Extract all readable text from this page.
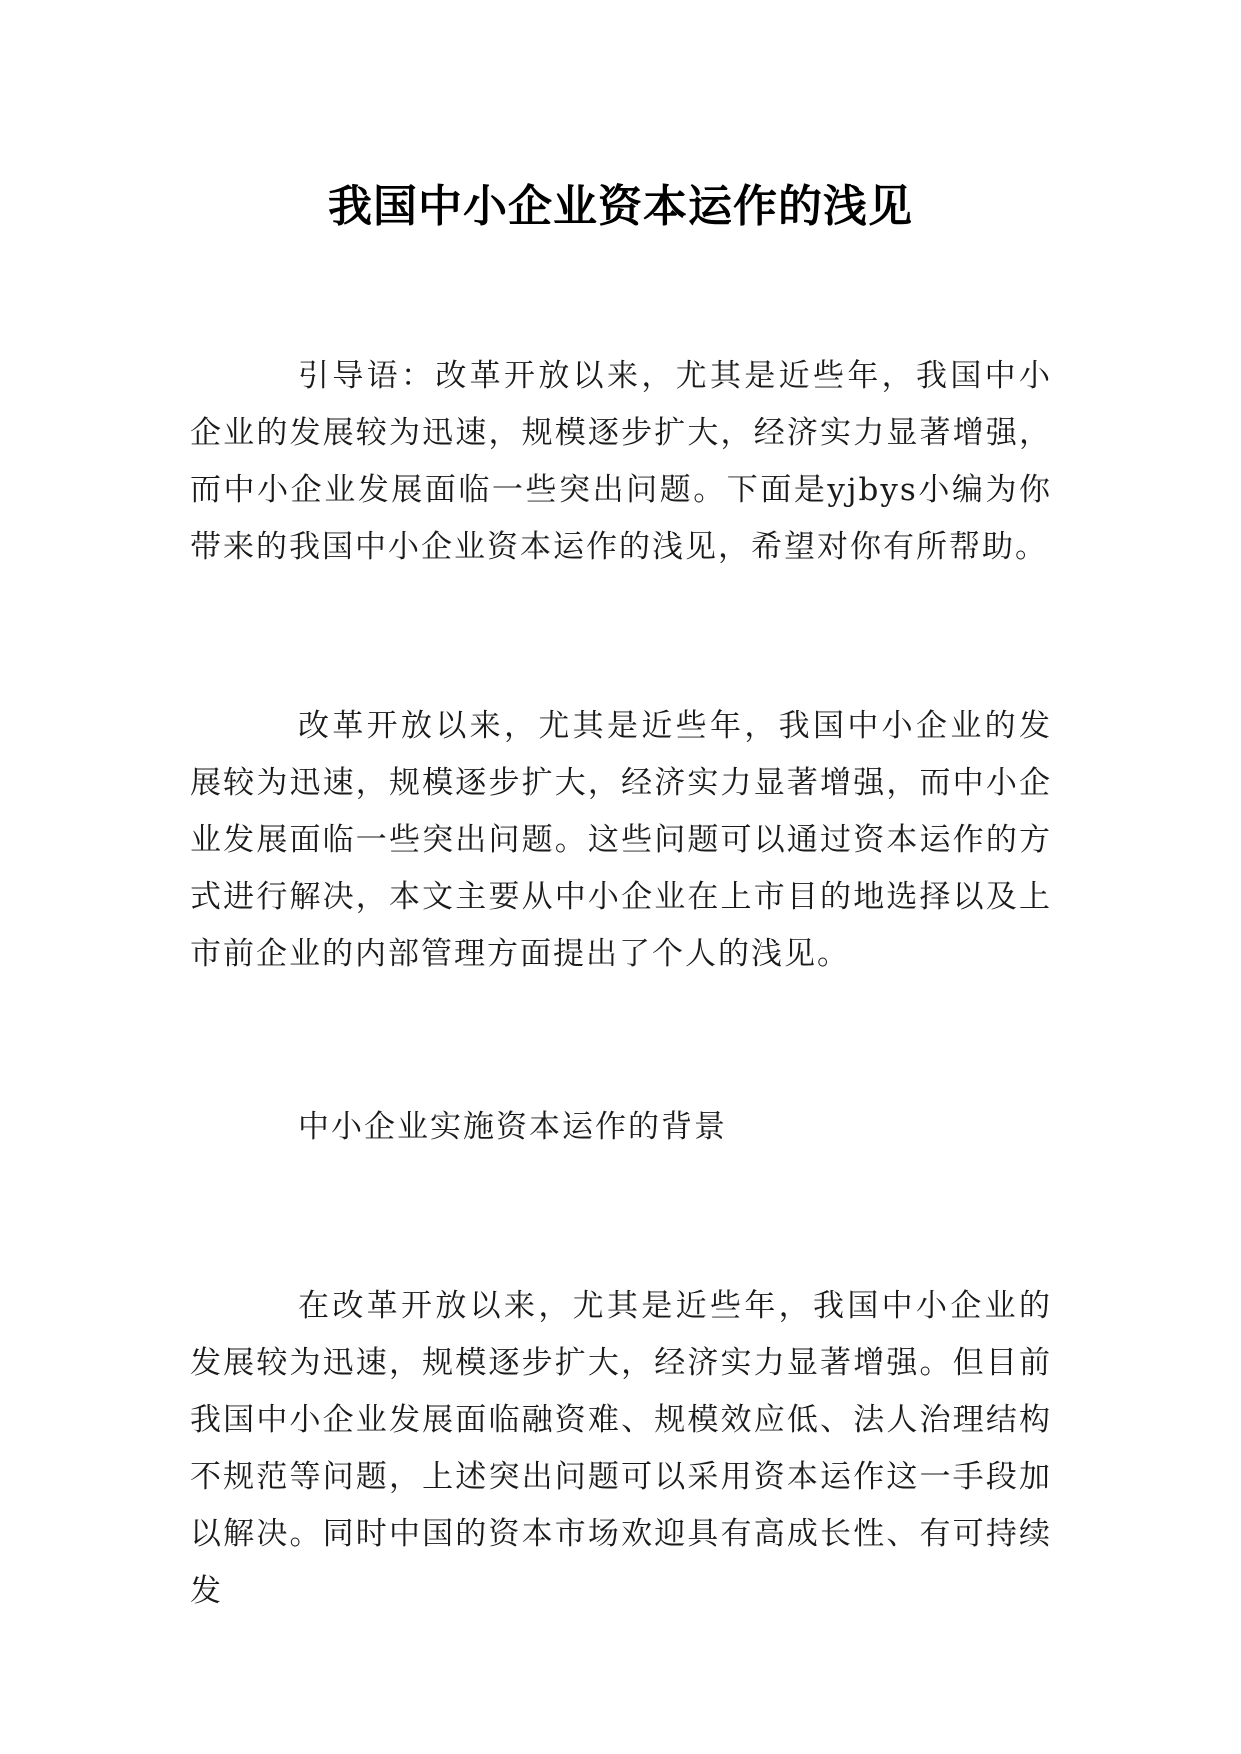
我国中小企业资本运作的浅见

引导语：改革开放以来，尤其是近些年，我国中小企业的发展较为迅速，规模逐步扩大，经济实力显著增强，而中小企业发展面临一些突出问题。下面是yjbys小编为你带来的我国中小企业资本运作的浅见，希望对你有所帮助。

改革开放以来，尤其是近些年，我国中小企业的发展较为迅速，规模逐步扩大，经济实力显著增强，而中小企业发展面临一些突出问题。这些问题可以通过资本运作的方式进行解决，本文主要从中小企业在上市目的地选择以及上市前企业的内部管理方面提出了个人的浅见。

中小企业实施资本运作的背景

在改革开放以来，尤其是近些年，我国中小企业的发展较为迅速，规模逐步扩大，经济实力显著增强。但目前我国中小企业发展面临融资难、规模效应低、法人治理结构不规范等问题，上述突出问题可以采用资本运作这一手段加以解决。同时中国的资本市场欢迎具有高成长性、有可持续发
